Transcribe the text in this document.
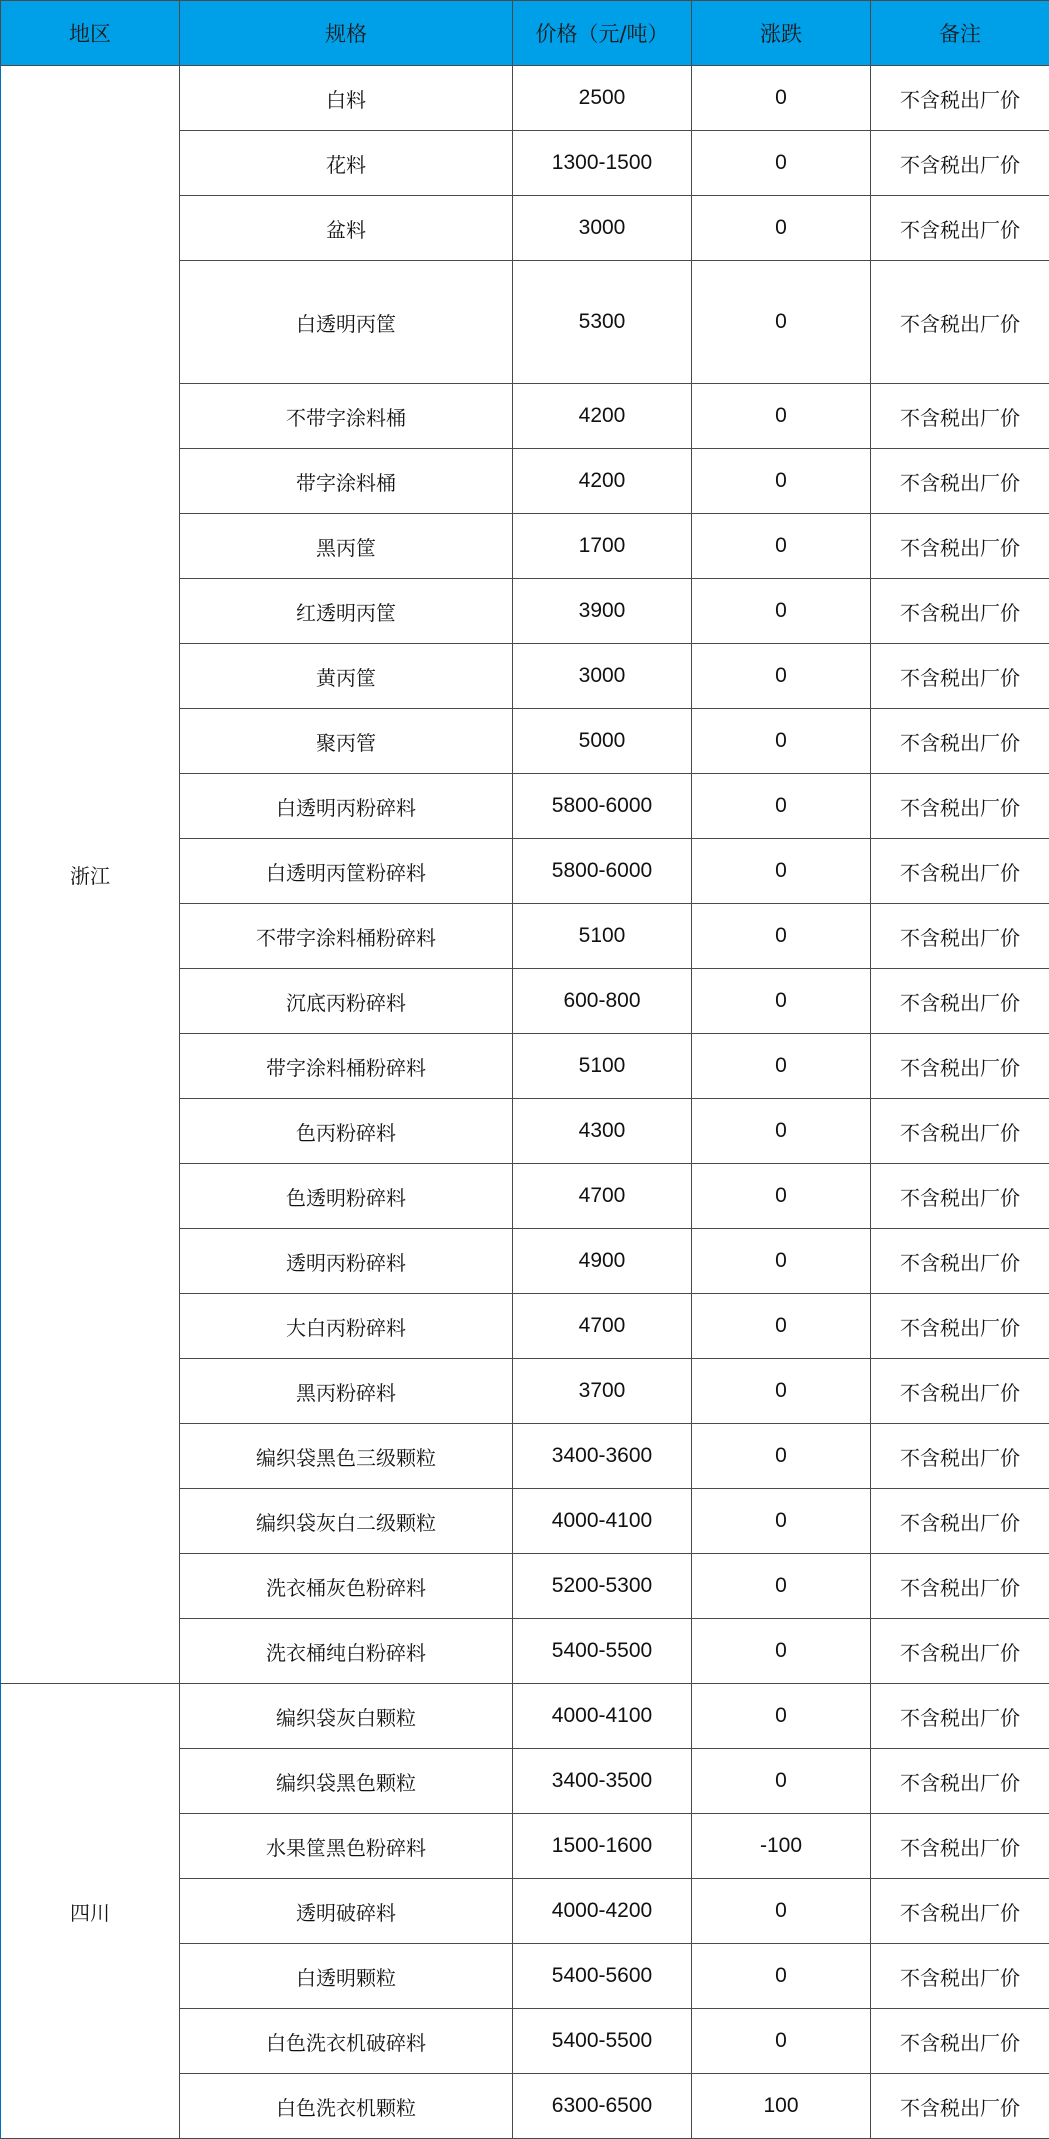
地区	规格	价格（元/吨）	涨跌	备注
浙江	白料	2500	0	不含税出厂价
	花料	1300-1500	0	不含税出厂价
	盆料	3000	0	不含税出厂价
	白透明丙筐	5300	0	不含税出厂价
	不带字涂料桶	4200	0	不含税出厂价
	带字涂料桶	4200	0	不含税出厂价
	黑丙筐	1700	0	不含税出厂价
	红透明丙筐	3900	0	不含税出厂价
	黄丙筐	3000	0	不含税出厂价
	聚丙管	5000	0	不含税出厂价
	白透明丙粉碎料	5800-6000	0	不含税出厂价
	白透明丙筐粉碎料	5800-6000	0	不含税出厂价
	不带字涂料桶粉碎料	5100	0	不含税出厂价
	沉底丙粉碎料	600-800	0	不含税出厂价
	带字涂料桶粉碎料	5100	0	不含税出厂价
	色丙粉碎料	4300	0	不含税出厂价
	色透明粉碎料	4700	0	不含税出厂价
	透明丙粉碎料	4900	0	不含税出厂价
	大白丙粉碎料	4700	0	不含税出厂价
	黑丙粉碎料	3700	0	不含税出厂价
	编织袋黑色三级颗粒	3400-3600	0	不含税出厂价
	编织袋灰白二级颗粒	4000-4100	0	不含税出厂价
	洗衣桶灰色粉碎料	5200-5300	0	不含税出厂价
	洗衣桶纯白粉碎料	5400-5500	0	不含税出厂价
四川	编织袋灰白颗粒	4000-4100	0	不含税出厂价
	编织袋黑色颗粒	3400-3500	0	不含税出厂价
	水果筐黑色粉碎料	1500-1600	-100	不含税出厂价
	透明破碎料	4000-4200	0	不含税出厂价
	白透明颗粒	5400-5600	0	不含税出厂价
	白色洗衣机破碎料	5400-5500	0	不含税出厂价
	白色洗衣机颗粒	6300-6500	100	不含税出厂价
